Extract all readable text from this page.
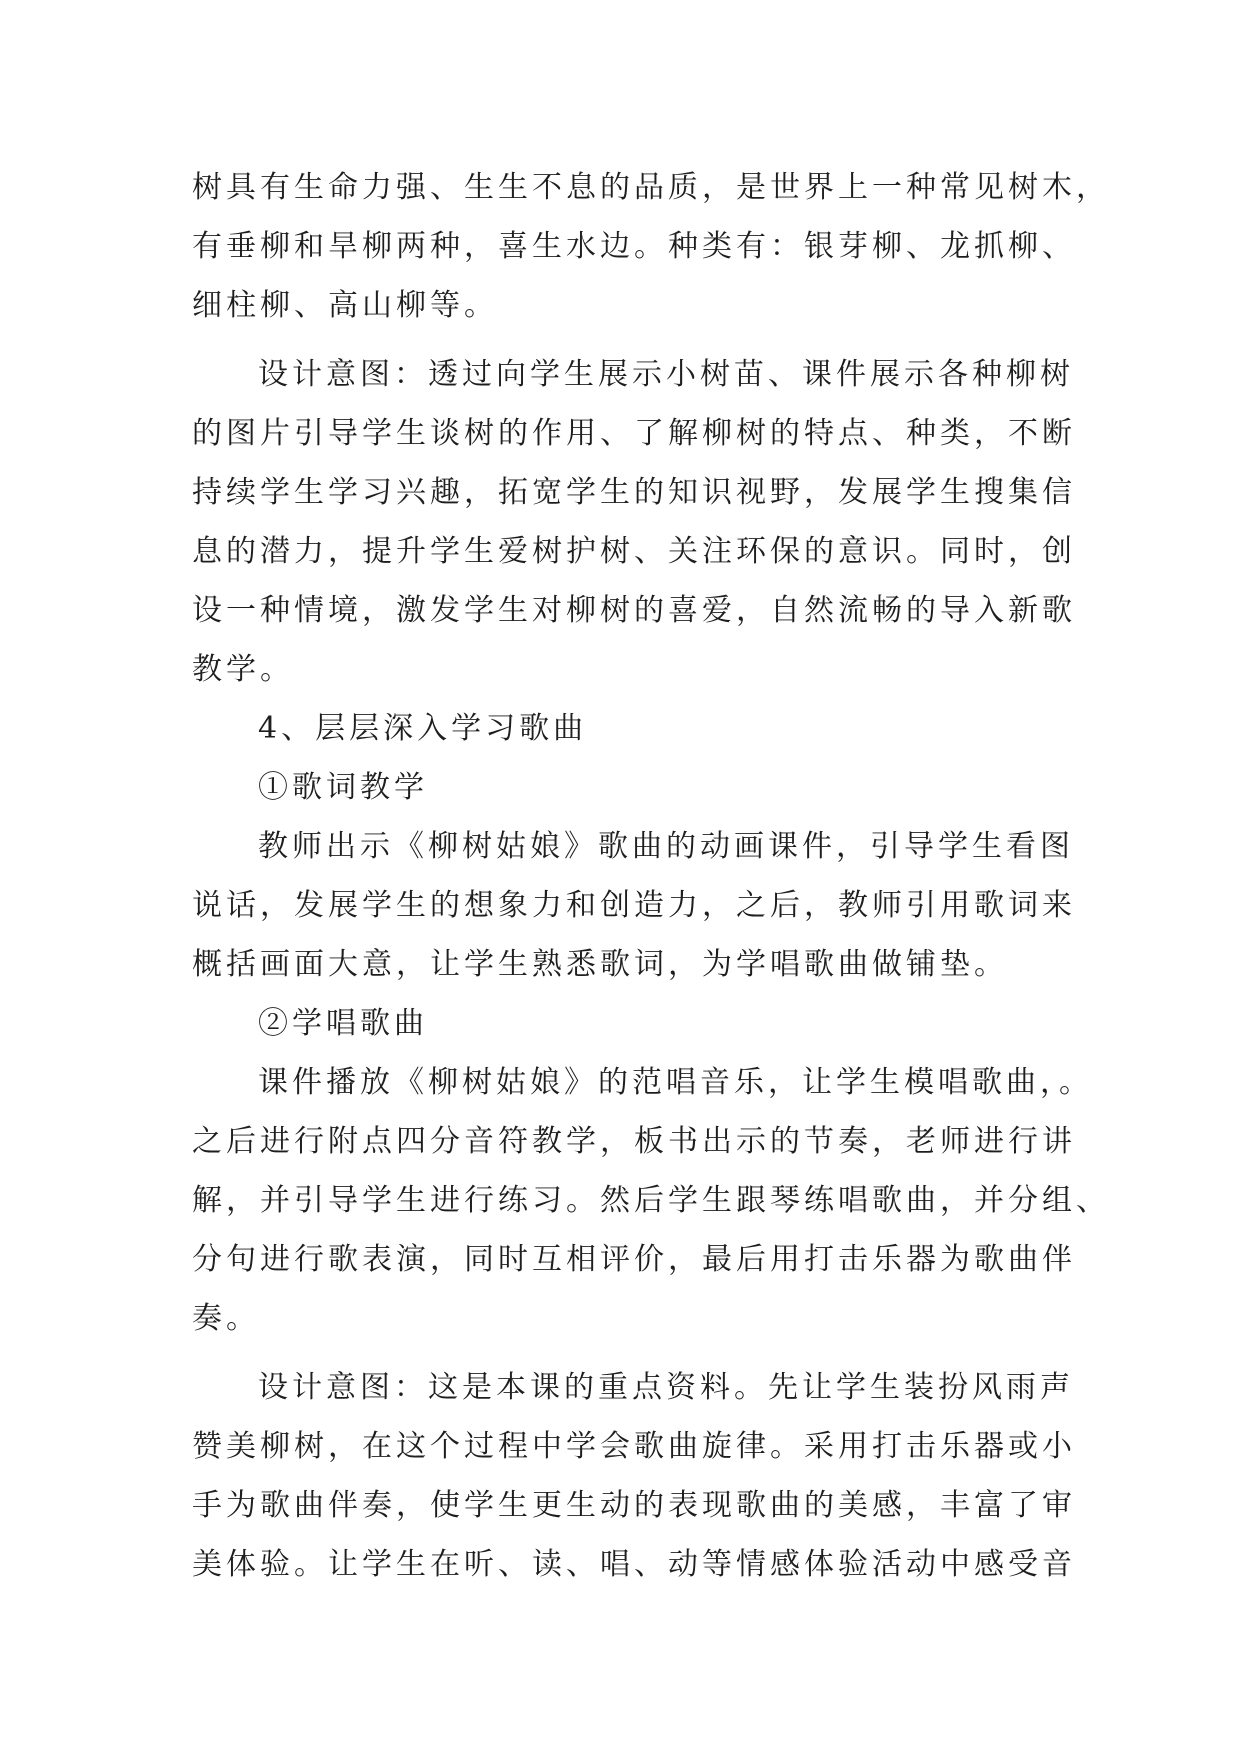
树具有生命力强、生生不息的品质，是世界上一种常见树木，
有垂柳和旱柳两种，喜生水边。种类有：银芽柳、龙抓柳、
细柱柳、高山柳等。
设计意图：透过向学生展示小树苗、课件展示各种柳树
的图片引导学生谈树的作用、了解柳树的特点、种类，不断
持续学生学习兴趣，拓宽学生的知识视野，发展学生搜集信
息的潜力，提升学生爱树护树、关注环保的意识。同时，创
设一种情境，激发学生对柳树的喜爱，自然流畅的导入新歌
教学。
4、层层深入学习歌曲
①歌词教学
教师出示《柳树姑娘》歌曲的动画课件，引导学生看图
说话，发展学生的想象力和创造力，之后，教师引用歌词来
概括画面大意，让学生熟悉歌词，为学唱歌曲做铺垫。
②学唱歌曲
课件播放《柳树姑娘》的范唱音乐，让学生模唱歌曲，。
之后进行附点四分音符教学，板书出示的节奏，老师进行讲
解，并引导学生进行练习。然后学生跟琴练唱歌曲，并分组、
分句进行歌表演，同时互相评价，最后用打击乐器为歌曲伴
奏。
设计意图：这是本课的重点资料。先让学生装扮风雨声
赞美柳树，在这个过程中学会歌曲旋律。采用打击乐器或小
手为歌曲伴奏，使学生更生动的表现歌曲的美感，丰富了审
美体验。让学生在听、读、唱、动等情感体验活动中感受音
